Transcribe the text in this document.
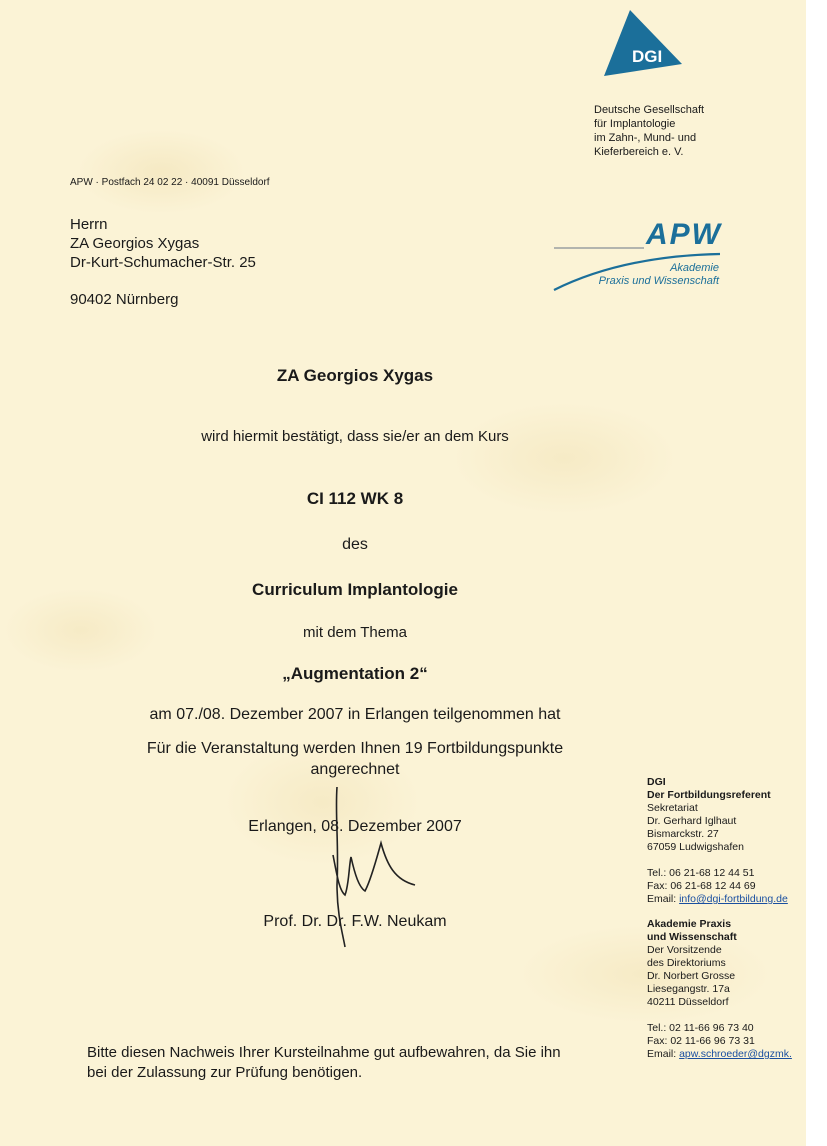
DGI
Deutsche Gesellschaft
für Implantologie
im Zahn-, Mund- und
Kieferbereich e. V.
APW · Postfach 24 02 22 · 40091 Düsseldorf
Herrn
ZA Georgios Xygas
Dr-Kurt-Schumacher-Str. 25
90402 Nürnberg
APW
Akademie
Praxis und Wissenschaft
ZA Georgios Xygas
wird hiermit bestätigt, dass sie/er an dem Kurs
CI 112 WK 8
des
Curriculum Implantologie
mit dem Thema
„Augmentation 2“
am 07./08. Dezember 2007 in Erlangen teilgenommen hat
Für die Veranstaltung werden Ihnen 19 Fortbildungspunkte
angerechnet
Erlangen, 08. Dezember 2007
Prof. Dr. Dr. F.W. Neukam
Bitte diesen Nachweis Ihrer Kursteilnahme gut aufbewahren, da Sie ihn
bei der Zulassung zur Prüfung benötigen.
DGI
Der Fortbildungsreferent
Sekretariat
Dr. Gerhard Iglhaut
Bismarckstr. 27
67059 Ludwigshafen
Tel.: 06 21-68 12 44 51
Fax: 06 21-68 12 44 69
Email: info@dgi-fortbildung.de
Akademie Praxis
und Wissenschaft
Der Vorsitzende
des Direktoriums
Dr. Norbert Grosse
Liesegangstr. 17a
40211 Düsseldorf
Tel.: 02 11-66 96 73 40
Fax: 02 11-66 96 73 31
Email: apw.schroeder@dgzmk.
